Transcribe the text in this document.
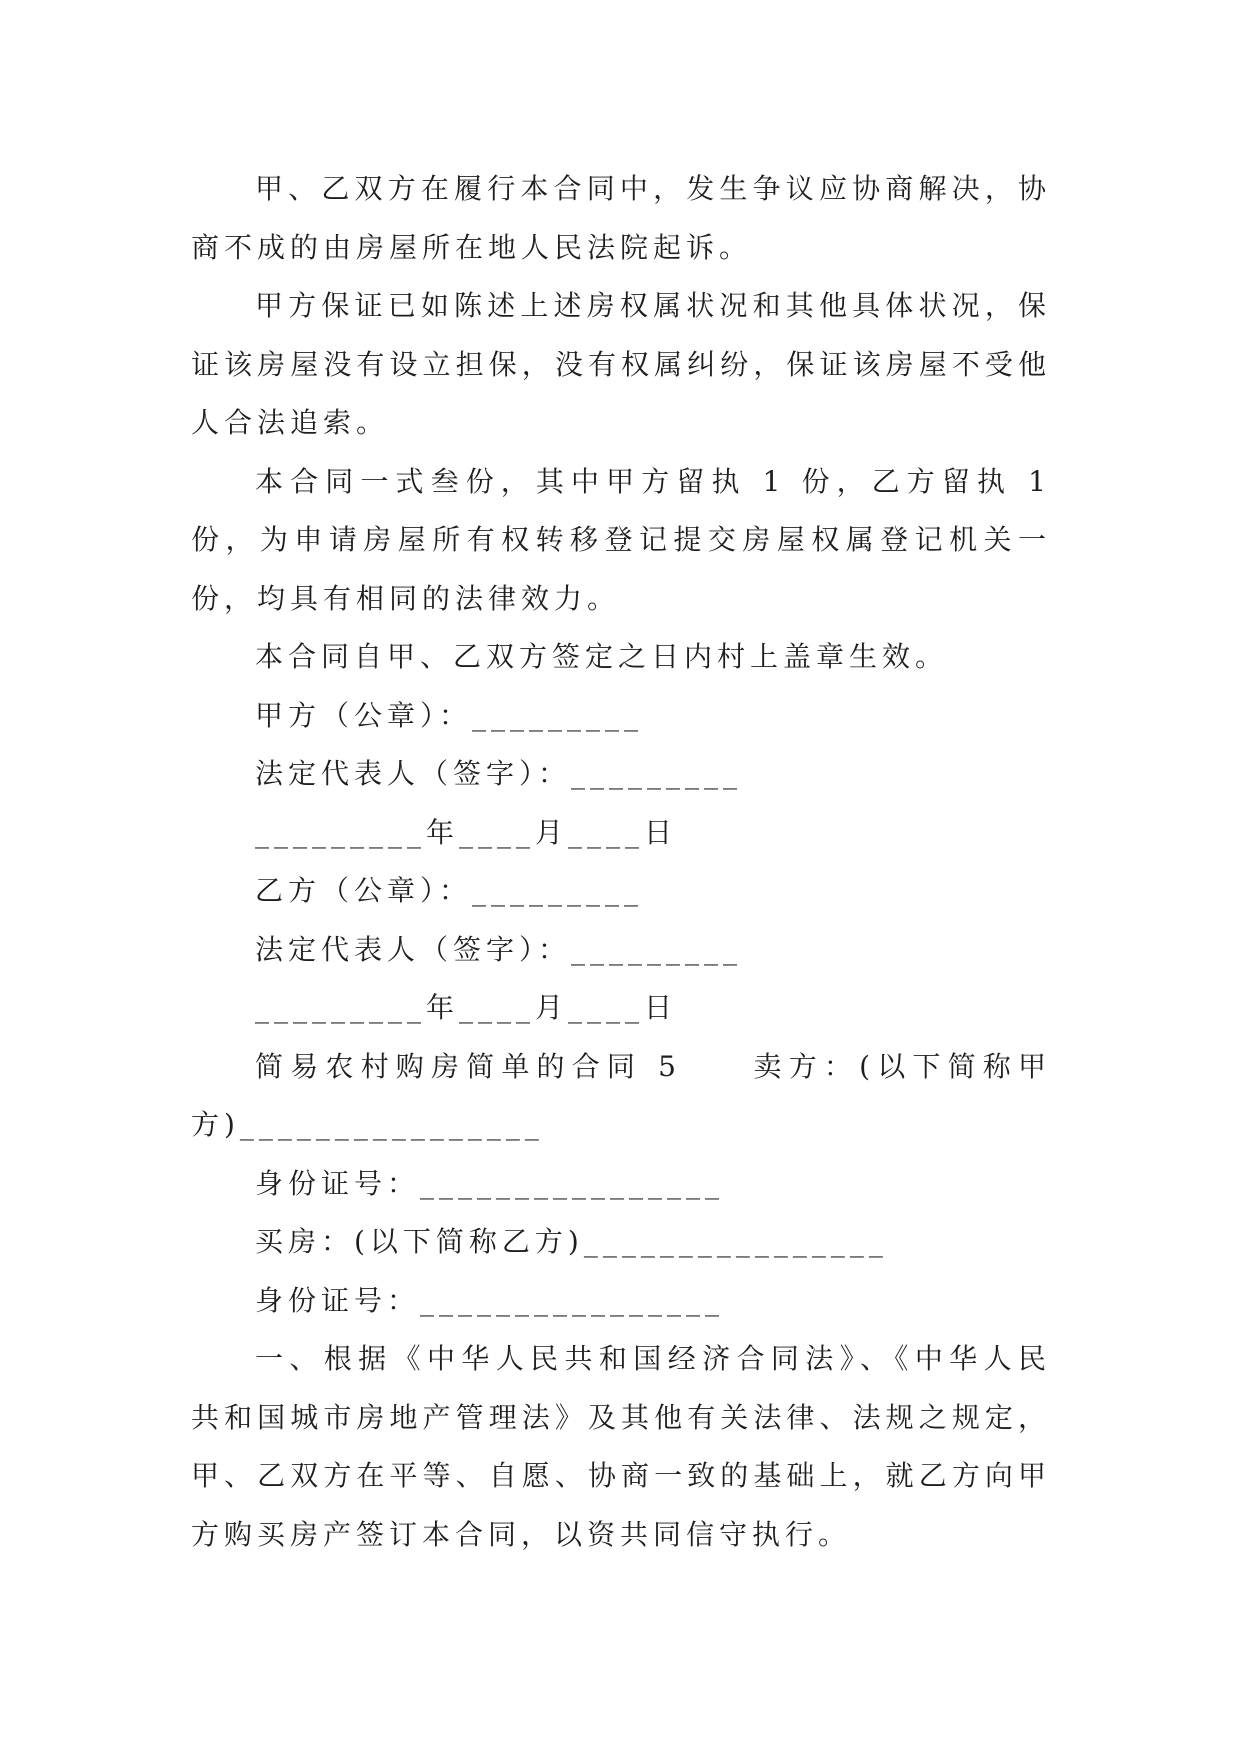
甲、乙双方在履行本合同中，发生争议应协商解决，协商不成的由房屋所在地人民法院起诉。

甲方保证已如陈述上述房权属状况和其他具体状况，保证该房屋没有设立担保，没有权属纠纷，保证该房屋不受他人合法追索。

本合同一式叁份，其中甲方留执 1 份，乙方留执 1 份，为申请房屋所有权转移登记提交房屋权属登记机关一份，均具有相同的法律效力。

本合同自甲、乙双方签定之日内村上盖章生效。

甲方（公章）：_________

法定代表人（签字）：_________

_________年____月____日

乙方（公章）：_________

法定代表人（签字）：_________

_________年____月____日

简易农村购房简单的合同 5　　卖方：(以下简称甲方)________________

身份证号：________________

买房：(以下简称乙方)________________

身份证号：________________

一、根据《中华人民共和国经济合同法》、《中华人民共和国城市房地产管理法》及其他有关法律、法规之规定，甲、乙双方在平等、自愿、协商一致的基础上，就乙方向甲方购买房产签订本合同，以资共同信守执行。
